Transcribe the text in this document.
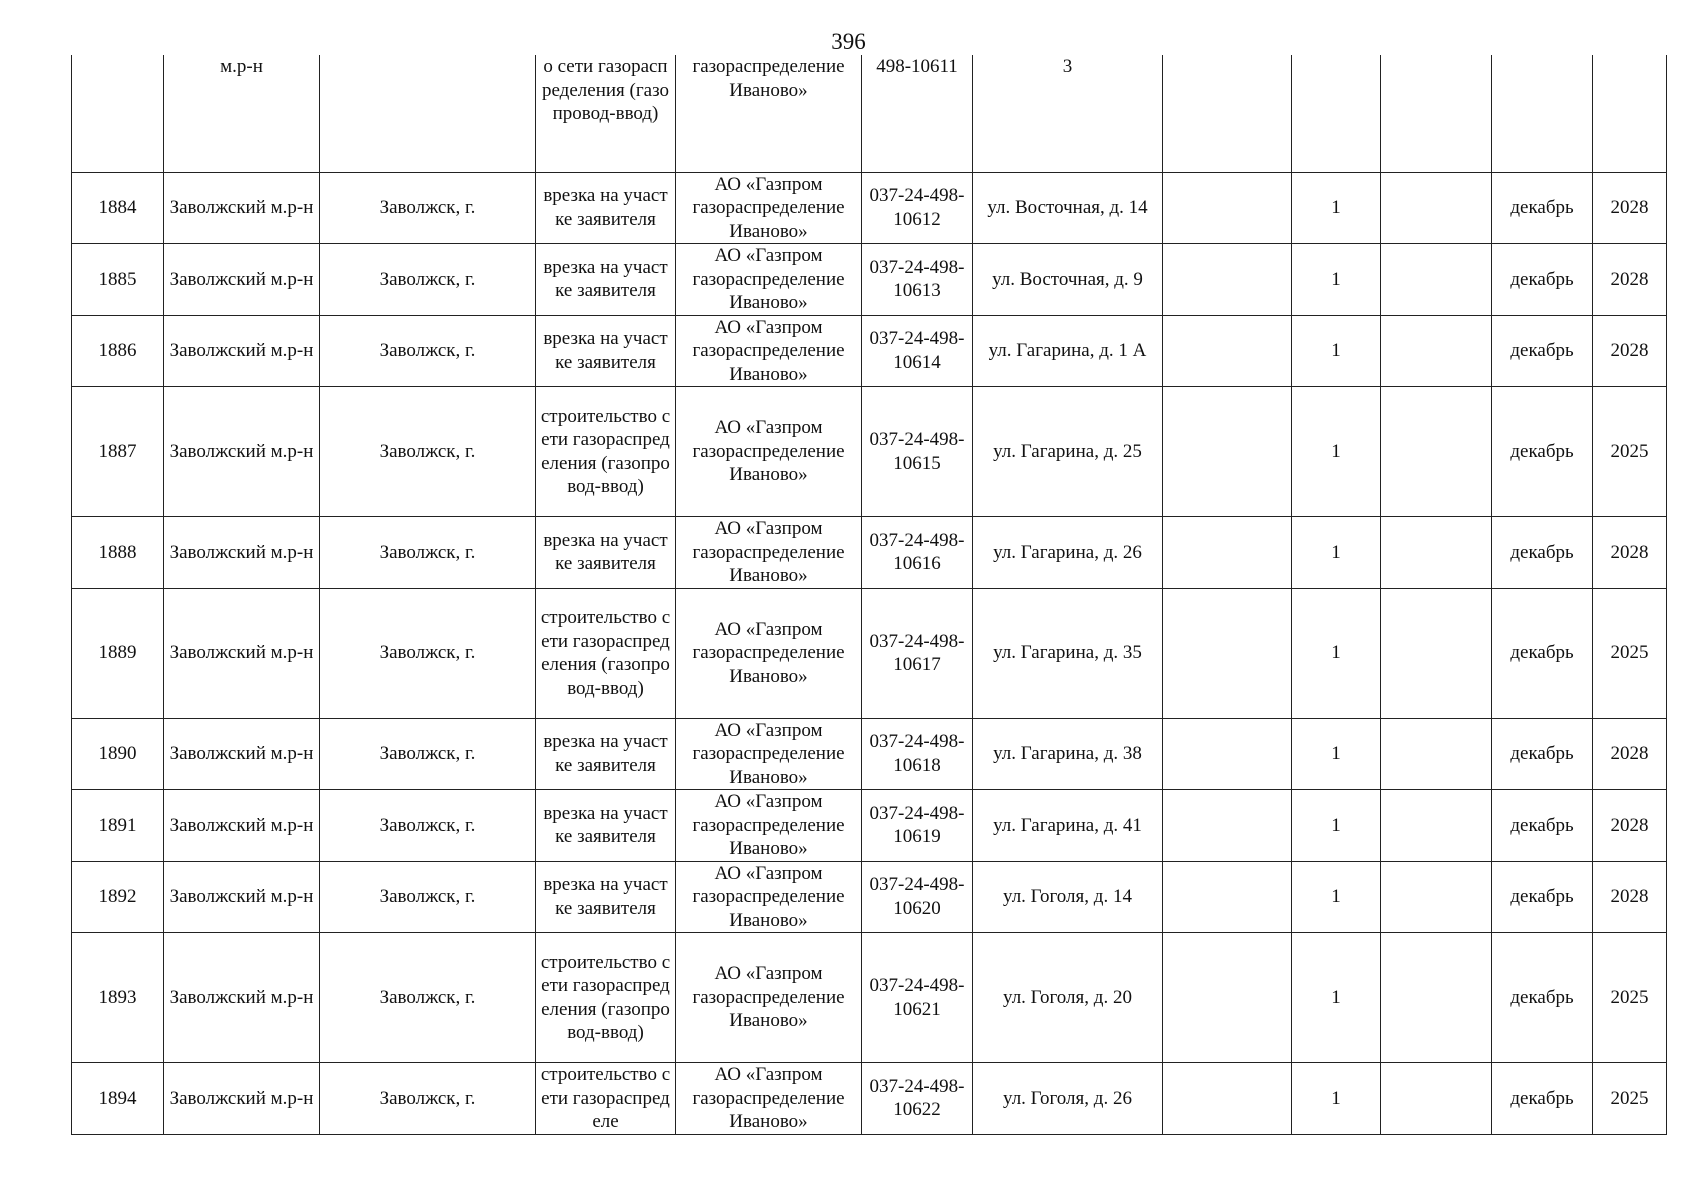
396
	м.р-н		о сети газораспределения (газопровод-ввод)	газораспределение Иваново»	498-10611	3					
1884	Заволжский м.р-н	Заволжск, г.	врезка на участке заявителя	АО «Газпром газораспределение Иваново»	037-24-498-10612	ул. Восточная, д. 14		1		декабрь	2028
1885	Заволжский м.р-н	Заволжск, г.	врезка на участке заявителя	АО «Газпром газораспределение Иваново»	037-24-498-10613	ул. Восточная, д. 9		1		декабрь	2028
1886	Заволжский м.р-н	Заволжск, г.	врезка на участке заявителя	АО «Газпром газораспределение Иваново»	037-24-498-10614	ул. Гагарина, д. 1 А		1		декабрь	2028
1887	Заволжский м.р-н	Заволжск, г.	строительство сети газораспределения (газопровод-ввод)	АО «Газпром газораспределение Иваново»	037-24-498-10615	ул. Гагарина, д. 25		1		декабрь	2025
1888	Заволжский м.р-н	Заволжск, г.	врезка на участке заявителя	АО «Газпром газораспределение Иваново»	037-24-498-10616	ул. Гагарина, д. 26		1		декабрь	2028
1889	Заволжский м.р-н	Заволжск, г.	строительство сети газораспределения (газопровод-ввод)	АО «Газпром газораспределение Иваново»	037-24-498-10617	ул. Гагарина, д. 35		1		декабрь	2025
1890	Заволжский м.р-н	Заволжск, г.	врезка на участке заявителя	АО «Газпром газораспределение Иваново»	037-24-498-10618	ул. Гагарина, д. 38		1		декабрь	2028
1891	Заволжский м.р-н	Заволжск, г.	врезка на участке заявителя	АО «Газпром газораспределение Иваново»	037-24-498-10619	ул. Гагарина, д. 41		1		декабрь	2028
1892	Заволжский м.р-н	Заволжск, г.	врезка на участке заявителя	АО «Газпром газораспределение Иваново»	037-24-498-10620	ул. Гоголя, д. 14		1		декабрь	2028
1893	Заволжский м.р-н	Заволжск, г.	строительство сети газораспределения (газопровод-ввод)	АО «Газпром газораспределение Иваново»	037-24-498-10621	ул. Гоголя, д. 20		1		декабрь	2025
1894	Заволжский м.р-н	Заволжск, г.	строительство сети газораспределе	АО «Газпром газораспределение Иваново»	037-24-498-10622	ул. Гоголя, д. 26		1		декабрь	2025
